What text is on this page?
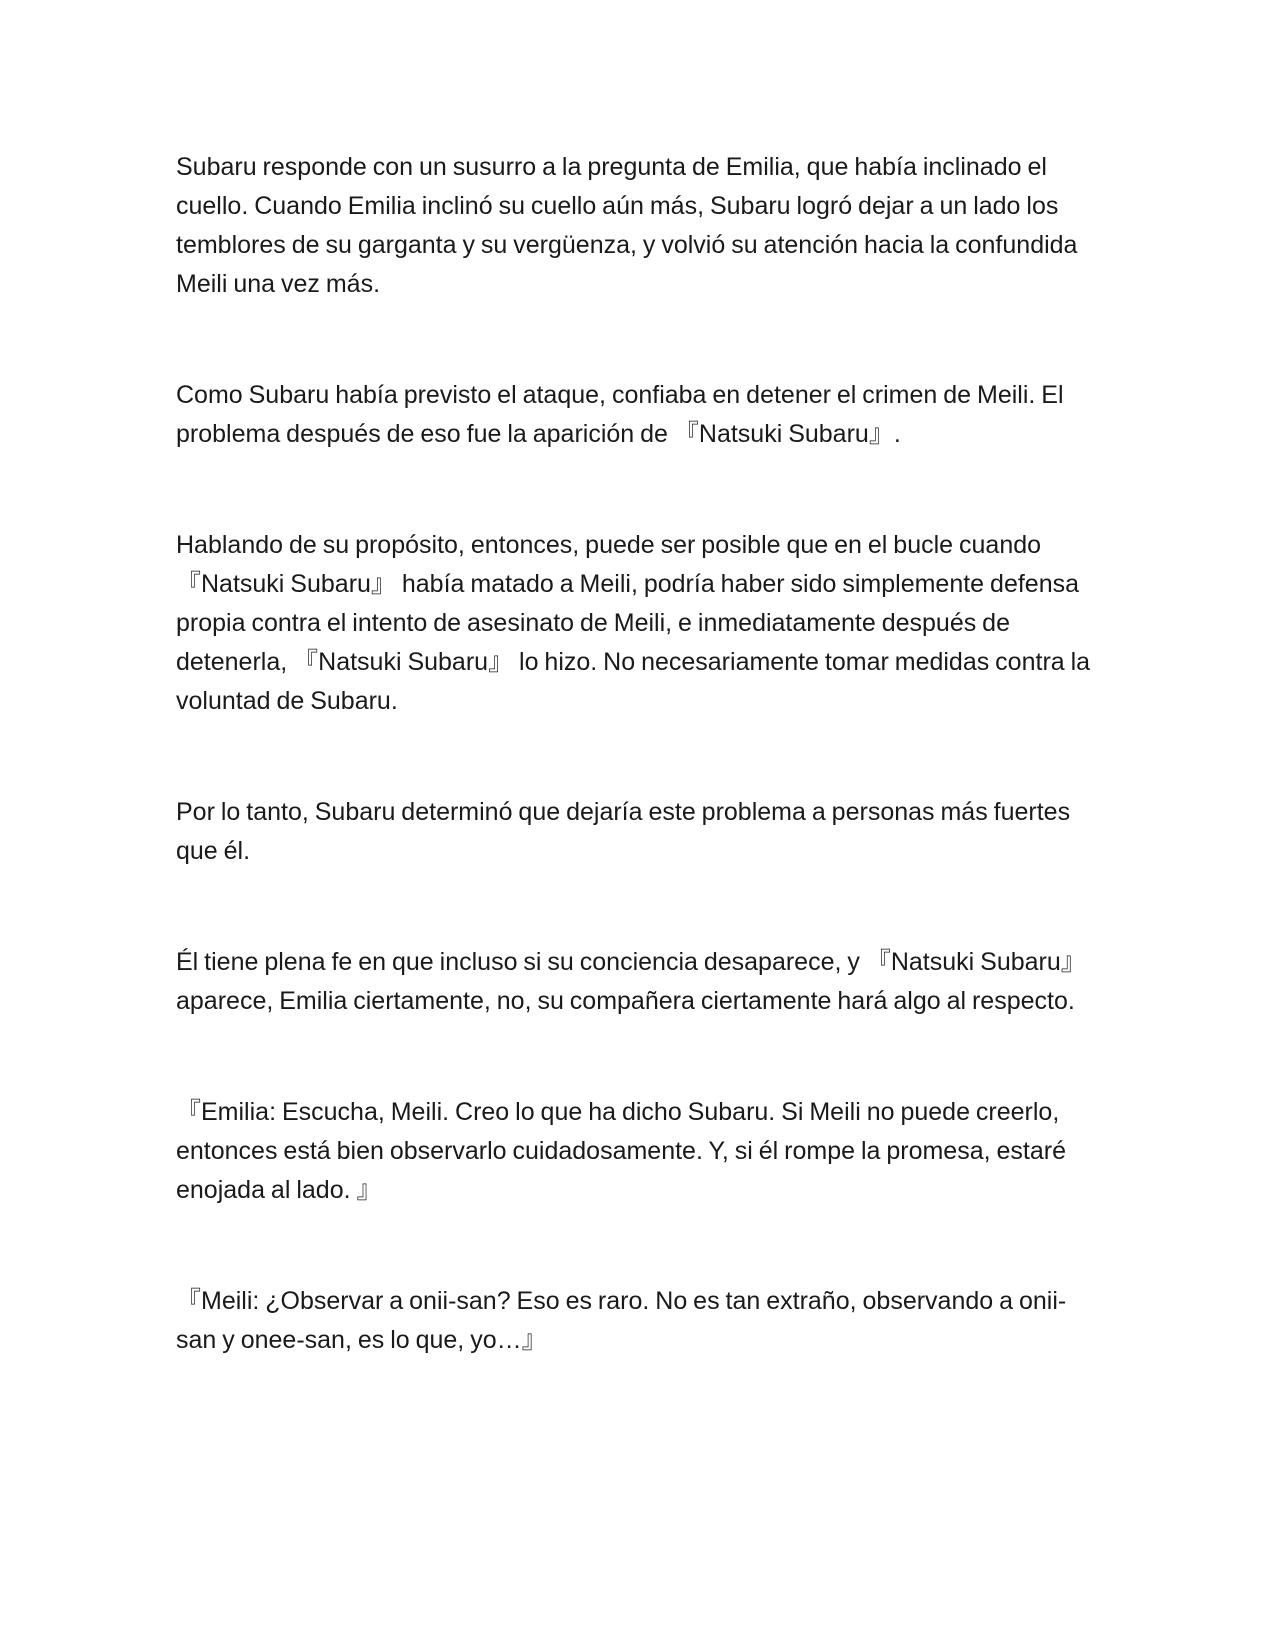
Subaru responde con un susurro a la pregunta de Emilia, que había inclinado el cuello. Cuando Emilia inclinó su cuello aún más, Subaru logró dejar a un lado los temblores de su garganta y su vergüenza, y volvió su atención hacia la confundida Meili una vez más.

Como Subaru había previsto el ataque, confiaba en detener el crimen de Meili. El problema después de eso fue la aparición de 『Natsuki Subaru』.

Hablando de su propósito, entonces, puede ser posible que en el bucle cuando 『Natsuki Subaru』 había matado a Meili, podría haber sido simplemente defensa propia contra el intento de asesinato de Meili, e inmediatamente después de detenerla, 『Natsuki Subaru』 lo hizo. No necesariamente tomar medidas contra la voluntad de Subaru.

Por lo tanto, Subaru determinó que dejaría este problema a personas más fuertes que él.

Él tiene plena fe en que incluso si su conciencia desaparece, y 『Natsuki Subaru』 aparece, Emilia ciertamente, no, su compañera ciertamente hará algo al respecto.

『Emilia: Escucha, Meili. Creo lo que ha dicho Subaru. Si Meili no puede creerlo, entonces está bien observarlo cuidadosamente. Y, si él rompe la promesa, estaré enojada al lado. 』

『Meili: ¿Observar a onii-san? Eso es raro. No es tan extraño, observando a onii-san y onee-san, es lo que, yo…』
